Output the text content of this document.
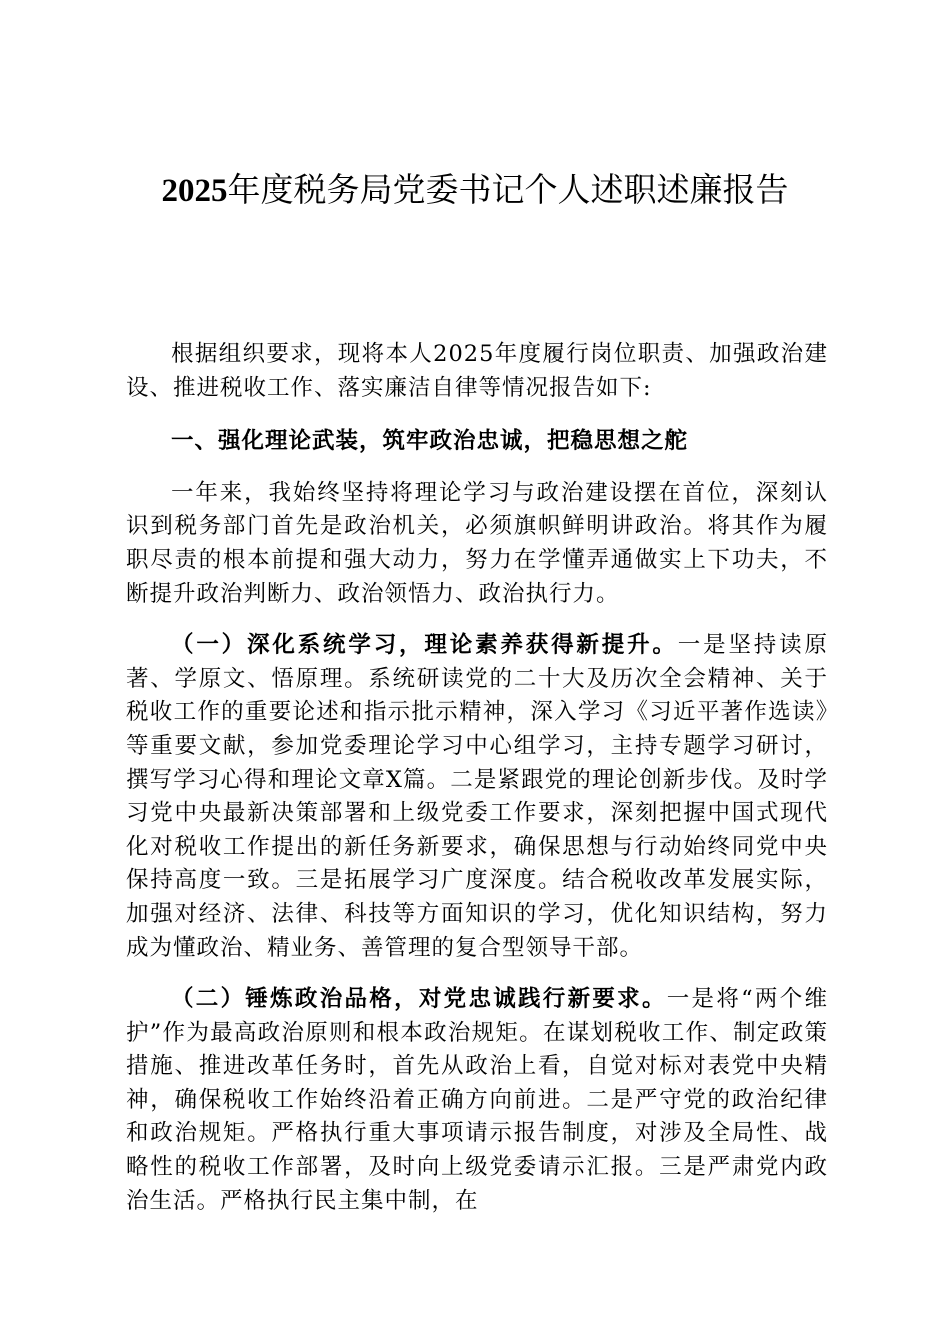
2025年度税务局党委书记个人述职述廉报告

根据组织要求，现将本人2025年度履行岗位职责、加强政治建设、推进税收工作、落实廉洁自律等情况报告如下:

一、强化理论武装，筑牢政治忠诚，把稳思想之舵

一年来，我始终坚持将理论学习与政治建设摆在首位，深刻认识到税务部门首先是政治机关，必须旗帜鲜明讲政治。将其作为履职尽责的根本前提和强大动力，努力在学懂弄通做实上下功夫，不断提升政治判断力、政治领悟力、政治执行力。

（一）深化系统学习，理论素养获得新提升。一是坚持读原著、学原文、悟原理。系统研读党的二十大及历次全会精神、关于税收工作的重要论述和指示批示精神，深入学习《习近平著作选读》等重要文献，参加党委理论学习中心组学习，主持专题学习研讨，撰写学习心得和理论文章X篇。二是紧跟党的理论创新步伐。及时学习党中央最新决策部署和上级党委工作要求，深刻把握中国式现代化对税收工作提出的新任务新要求，确保思想与行动始终同党中央保持高度一致。三是拓展学习广度深度。结合税收改革发展实际，加强对经济、法律、科技等方面知识的学习，优化知识结构，努力成为懂政治、精业务、善管理的复合型领导干部。

（二）锤炼政治品格，对党忠诚践行新要求。一是将“两个维护”作为最高政治原则和根本政治规矩。在谋划税收工作、制定政策措施、推进改革任务时，首先从政治上看，自觉对标对表党中央精神，确保税收工作始终沿着正确方向前进。二是严守党的政治纪律和政治规矩。严格执行重大事项请示报告制度，对涉及全局性、战略性的税收工作部署，及时向上级党委请示汇报。三是严肃党内政治生活。严格执行民主集中制，在
